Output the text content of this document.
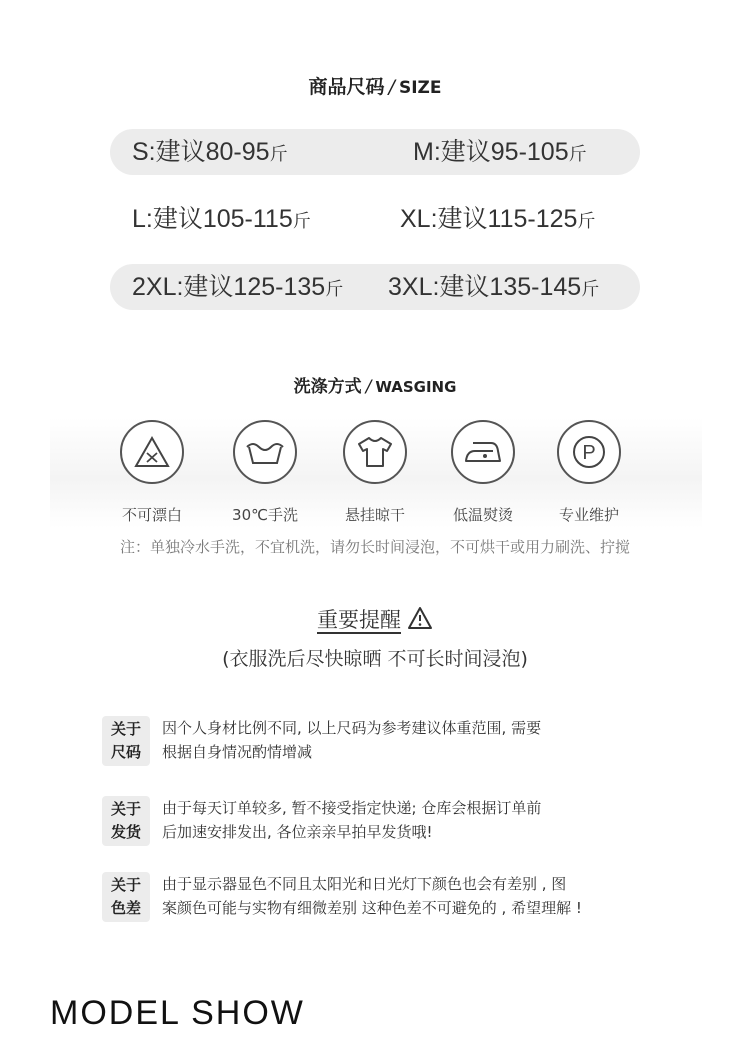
商品尺码 / SIZE
S:建议80-95斤	M:建议95-105斤
L:建议105-115斤	XL:建议115-125斤
2XL:建议125-135斤 3XL:建议135-145斤
洗涤方式 / WASGING
不可漂白	30℃手洗	悬挂晾干	低温熨烫
P
专业维护
注：单独冷水手洗，不宜机洗，请勿长时间浸泡，不可烘干或用力刷洗、拧搅
重要提醒
(衣服洗后尽快晾晒 不可长时间浸泡)
关于
尺码
因个人身材比例不同, 以上尺码为参考建议体重范围, 需要
根据自身情况酌情增减
关于
发货
由于每天订单较多, 暂不接受指定快递; 仓库会根据订单前
后加速安排发出, 各位亲亲早拍早发货哦!
关于
色差
由于显示器显色不同且太阳光和日光灯下颜色也会有差别 , 图
案颜色可能与实物有细微差别 这种色差不可避免的 , 希望理解 !
MODEL SHOW
